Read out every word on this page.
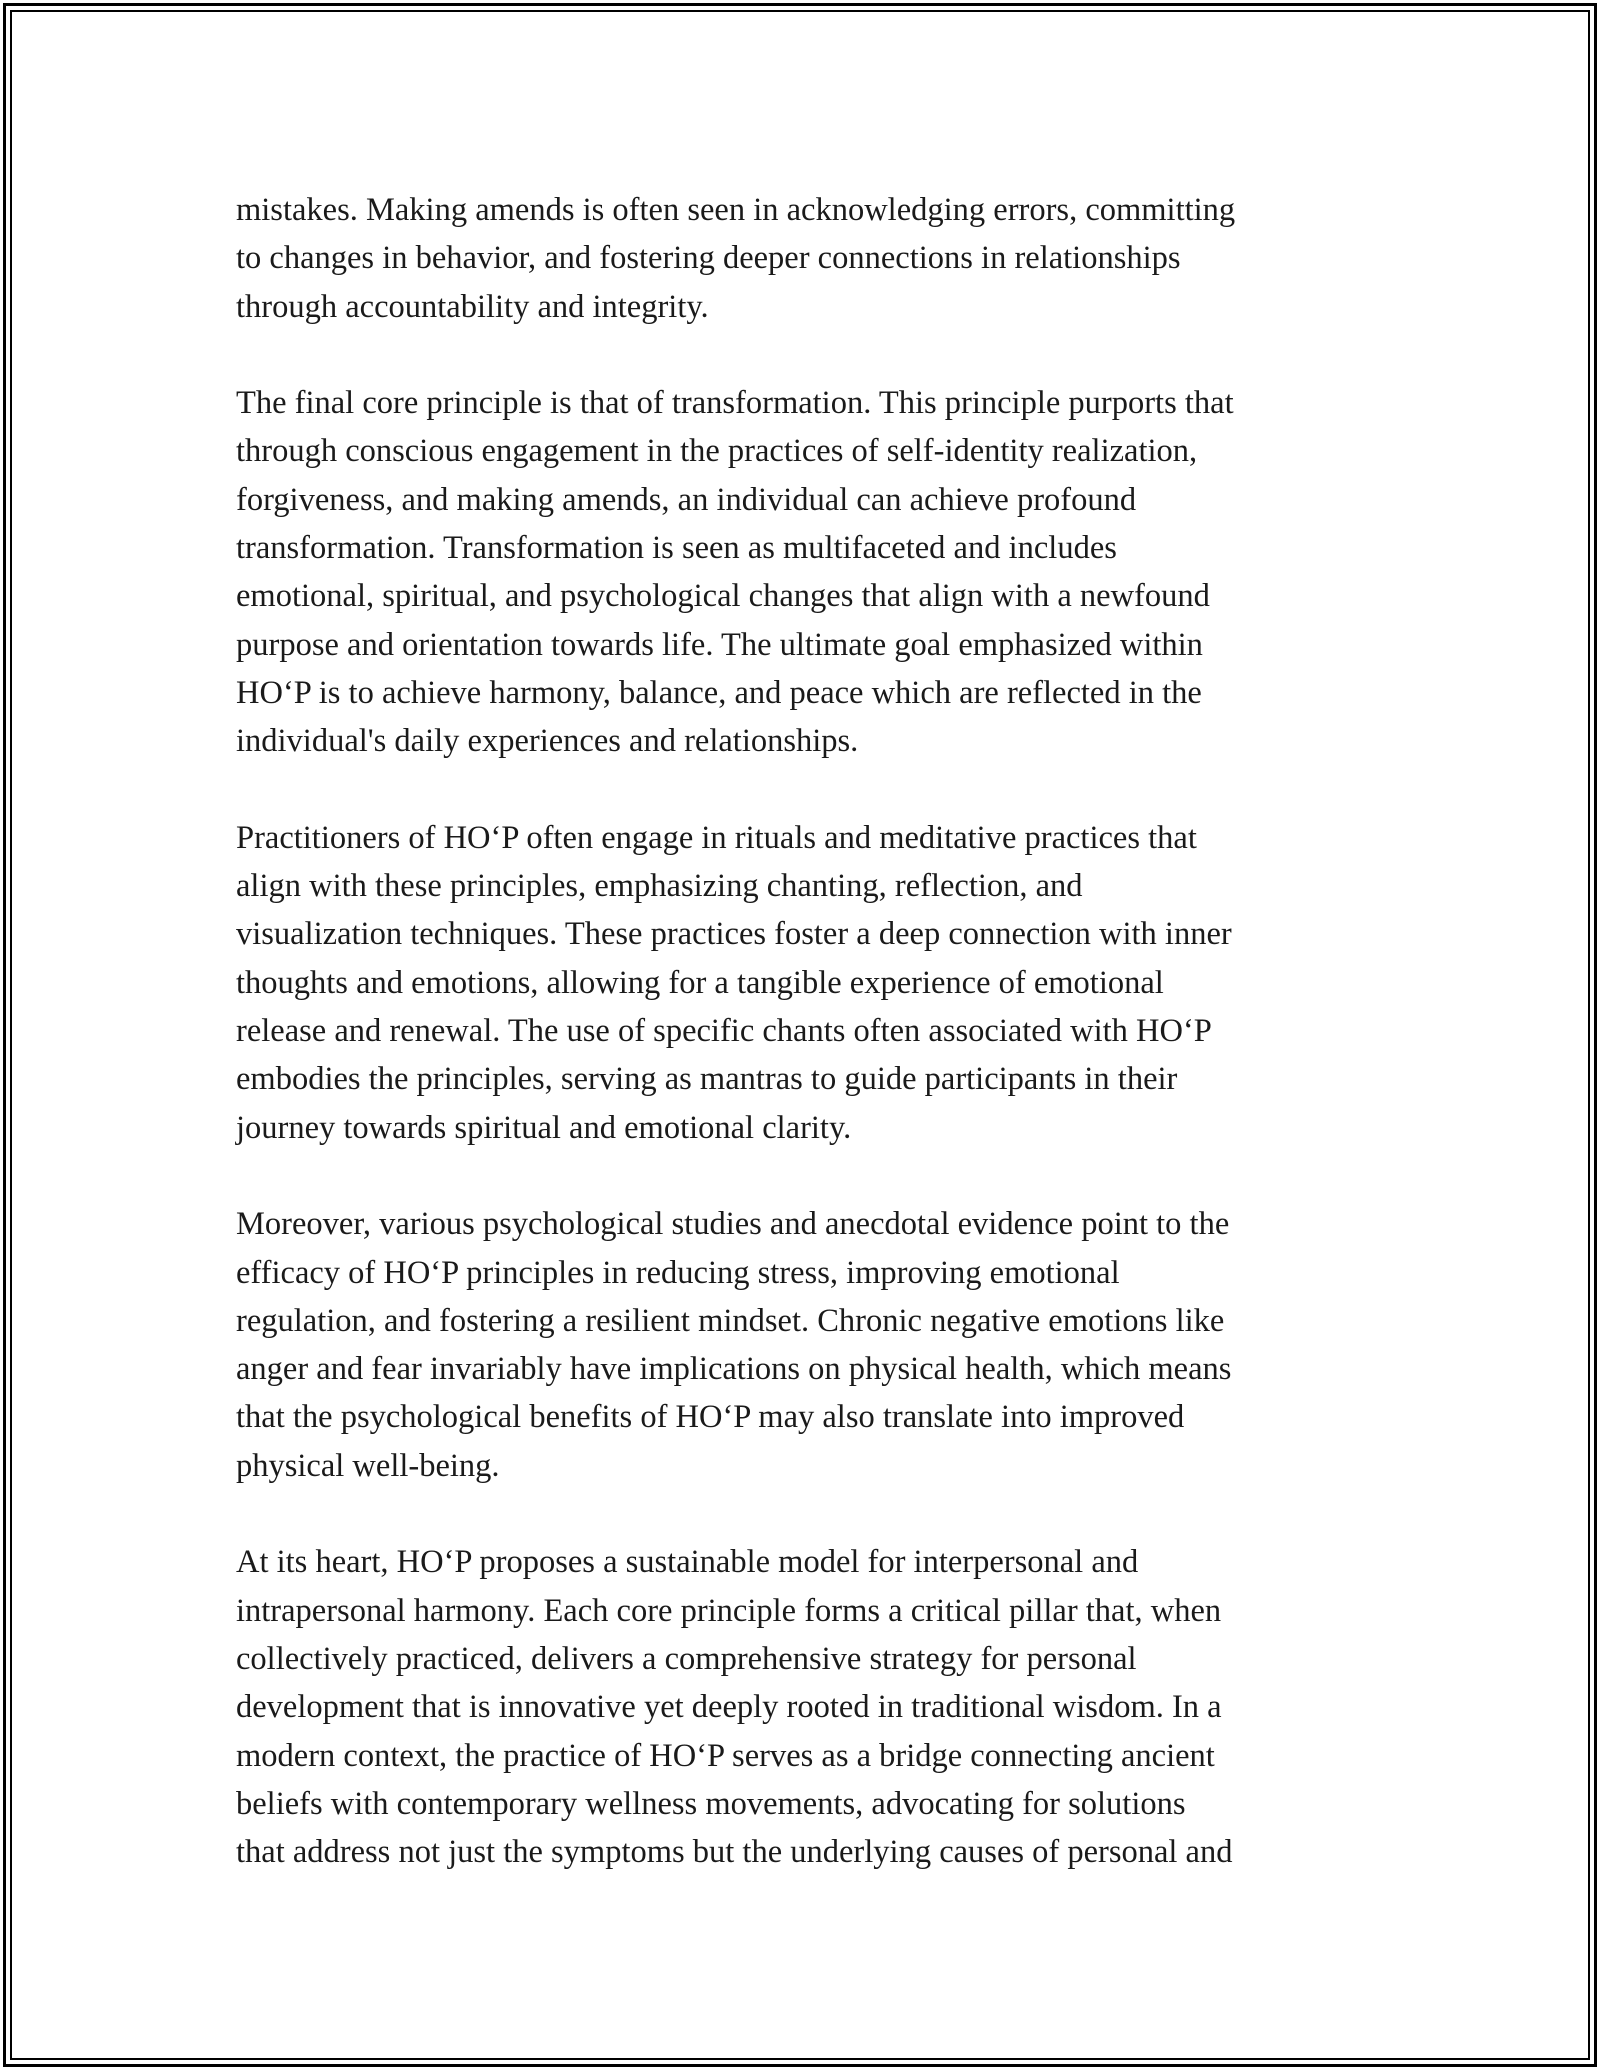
mistakes. Making amends is often seen in acknowledging errors, committing
to changes in behavior, and fostering deeper connections in relationships
through accountability and integrity.
The final core principle is that of transformation. This principle purports that
through conscious engagement in the practices of self-identity realization,
forgiveness, and making amends, an individual can achieve profound
transformation. Transformation is seen as multifaceted and includes
emotional, spiritual, and psychological changes that align with a newfound
purpose and orientation towards life. The ultimate goal emphasized within
HO‘P is to achieve harmony, balance, and peace which are reflected in the
individual's daily experiences and relationships.
Practitioners of HO‘P often engage in rituals and meditative practices that
align with these principles, emphasizing chanting, reflection, and
visualization techniques. These practices foster a deep connection with inner
thoughts and emotions, allowing for a tangible experience of emotional
release and renewal. The use of specific chants often associated with HO‘P
embodies the principles, serving as mantras to guide participants in their
journey towards spiritual and emotional clarity.
Moreover, various psychological studies and anecdotal evidence point to the
efficacy of HO‘P principles in reducing stress, improving emotional
regulation, and fostering a resilient mindset. Chronic negative emotions like
anger and fear invariably have implications on physical health, which means
that the psychological benefits of HO‘P may also translate into improved
physical well-being.
At its heart, HO‘P proposes a sustainable model for interpersonal and
intrapersonal harmony. Each core principle forms a critical pillar that, when
collectively practiced, delivers a comprehensive strategy for personal
development that is innovative yet deeply rooted in traditional wisdom. In a
modern context, the practice of HO‘P serves as a bridge connecting ancient
beliefs with contemporary wellness movements, advocating for solutions
that address not just the symptoms but the underlying causes of personal and
